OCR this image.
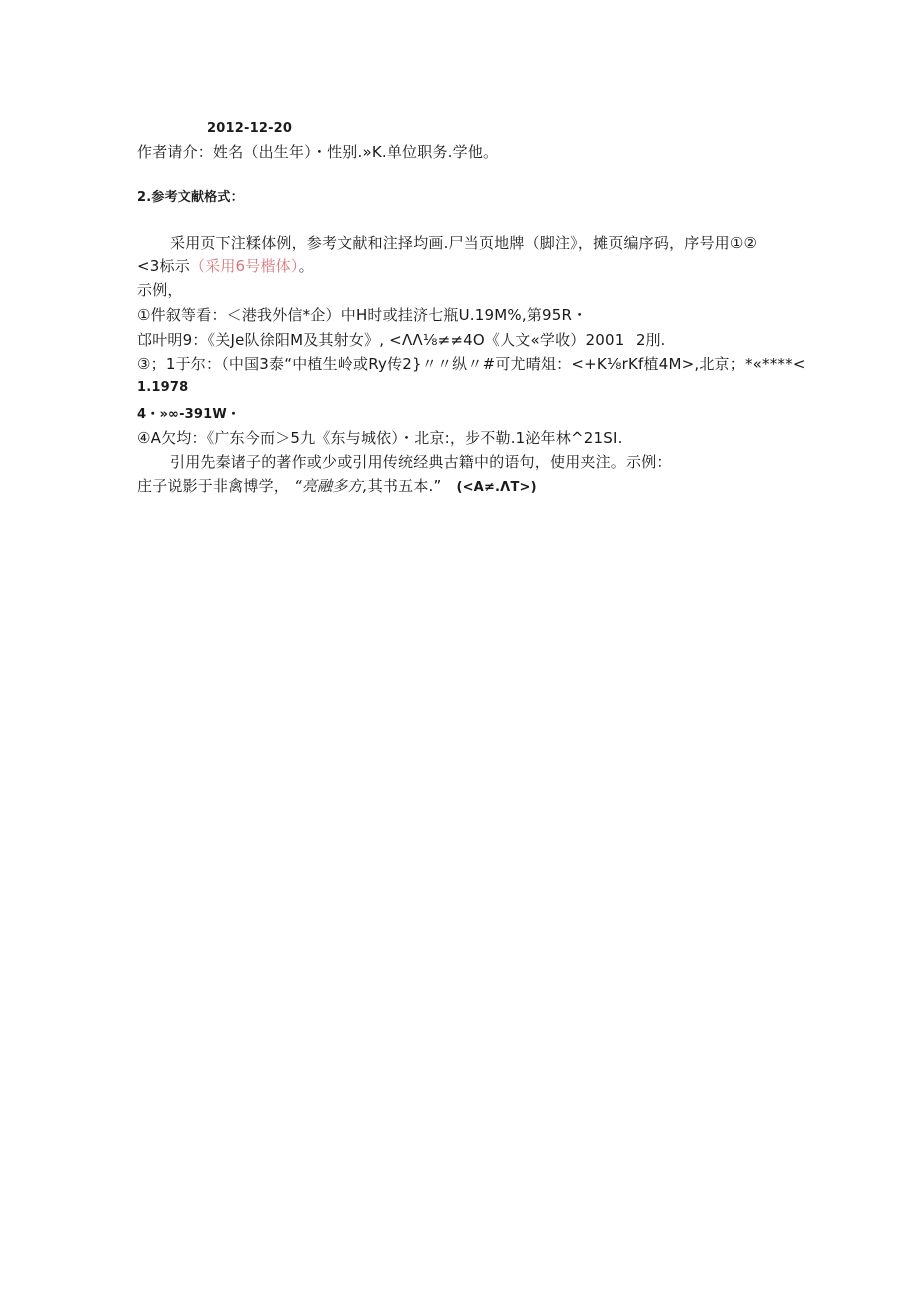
2012-12-20
作者请介：姓名（出生年）・性别.»K.单位职务.学他。
2.参考文献格式：
采用页下注糅体例，参考文献和注择均画.尸当页地牌（脚注》，摊页编序码，序号用①②
<3标示（采用6号楷体）。
示例，
①件叙等看：＜港我外信*企）中H时或挂济七瓶U.19M%,第95R・
邙叶明9：《关Je队徐阳M及其射女》, <ΛΛ⅛≠≠4O《人文«学收）2001 2刖.
③；1于尔：（中国3泰“中植生岭或Ry传2}〃〃纵〃#可尤晴俎：<+K⅛rKf植4M>,北京；*«****<
1.1978
4・»∞-391W・
④A欠均：《广东今而＞5九《东与城依）・北京:，步不勒.1泌年林^21SI.
引用先秦诸子的著作或少或引用传统经典古籍中的语句，使用夹注。示例：
庄子说影于非禽博学， “亮融多方,其书五本.” (<A≠.ΛT>)
